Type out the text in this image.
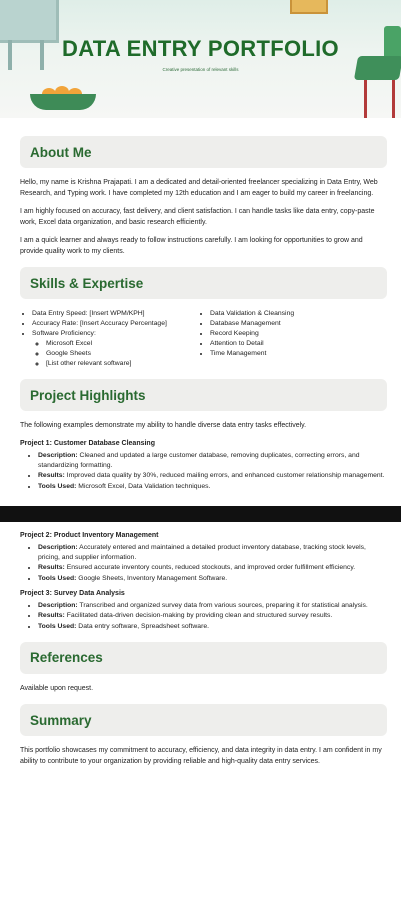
DATA ENTRY PORTFOLIO
Creative presentation of relevant skills
About Me

Hello, my name is Krishna Prajapati. I am a dedicated and detail-oriented freelancer specializing in Data Entry, Web Research, and Typing work. I have completed my 12th education and I am eager to build my career in freelancing.

I am highly focused on accuracy, fast delivery, and client satisfaction. I can handle tasks like data entry, copy-paste work, Excel data organization, and basic research efficiently.

I am a quick learner and always ready to follow instructions carefully. I am looking for opportunities to grow and provide quality work to my clients.

Skills & Expertise
• Data Entry Speed: [Insert WPM/KPH]
• Accuracy Rate: [Insert Accuracy Percentage]
• Software Proficiency:
◦ Microsoft Excel
◦ Google Sheets
◦ [List other relevant software]
• Data Validation & Cleansing
• Database Management
• Record Keeping
• Attention to Detail
• Time Management
Project Highlights

The following examples demonstrate my ability to handle diverse data entry tasks effectively.

Project 1: Customer Database Cleansing
• Description: Cleaned and updated a large customer database, removing duplicates, correcting errors, and standardizing formatting.
• Results: Improved data quality by 30%, reduced mailing errors, and enhanced customer relationship management.
• Tools Used: Microsoft Excel, Data Validation techniques.
Project 2: Product Inventory Management
• Description: Accurately entered and maintained a detailed product inventory database, tracking stock levels, pricing, and supplier information.
• Results: Ensured accurate inventory counts, reduced stockouts, and improved order fulfillment efficiency.
• Tools Used: Google Sheets, Inventory Management Software.
Project 3: Survey Data Analysis
• Description: Transcribed and organized survey data from various sources, preparing it for statistical analysis.
• Results: Facilitated data-driven decision-making by providing clean and structured survey results.
• Tools Used: Data entry software, Spreadsheet software.
References

Available upon request.

Summary

This portfolio showcases my commitment to accuracy, efficiency, and data integrity in data entry. I am confident in my ability to contribute to your organization by providing reliable and high-quality data entry services.
